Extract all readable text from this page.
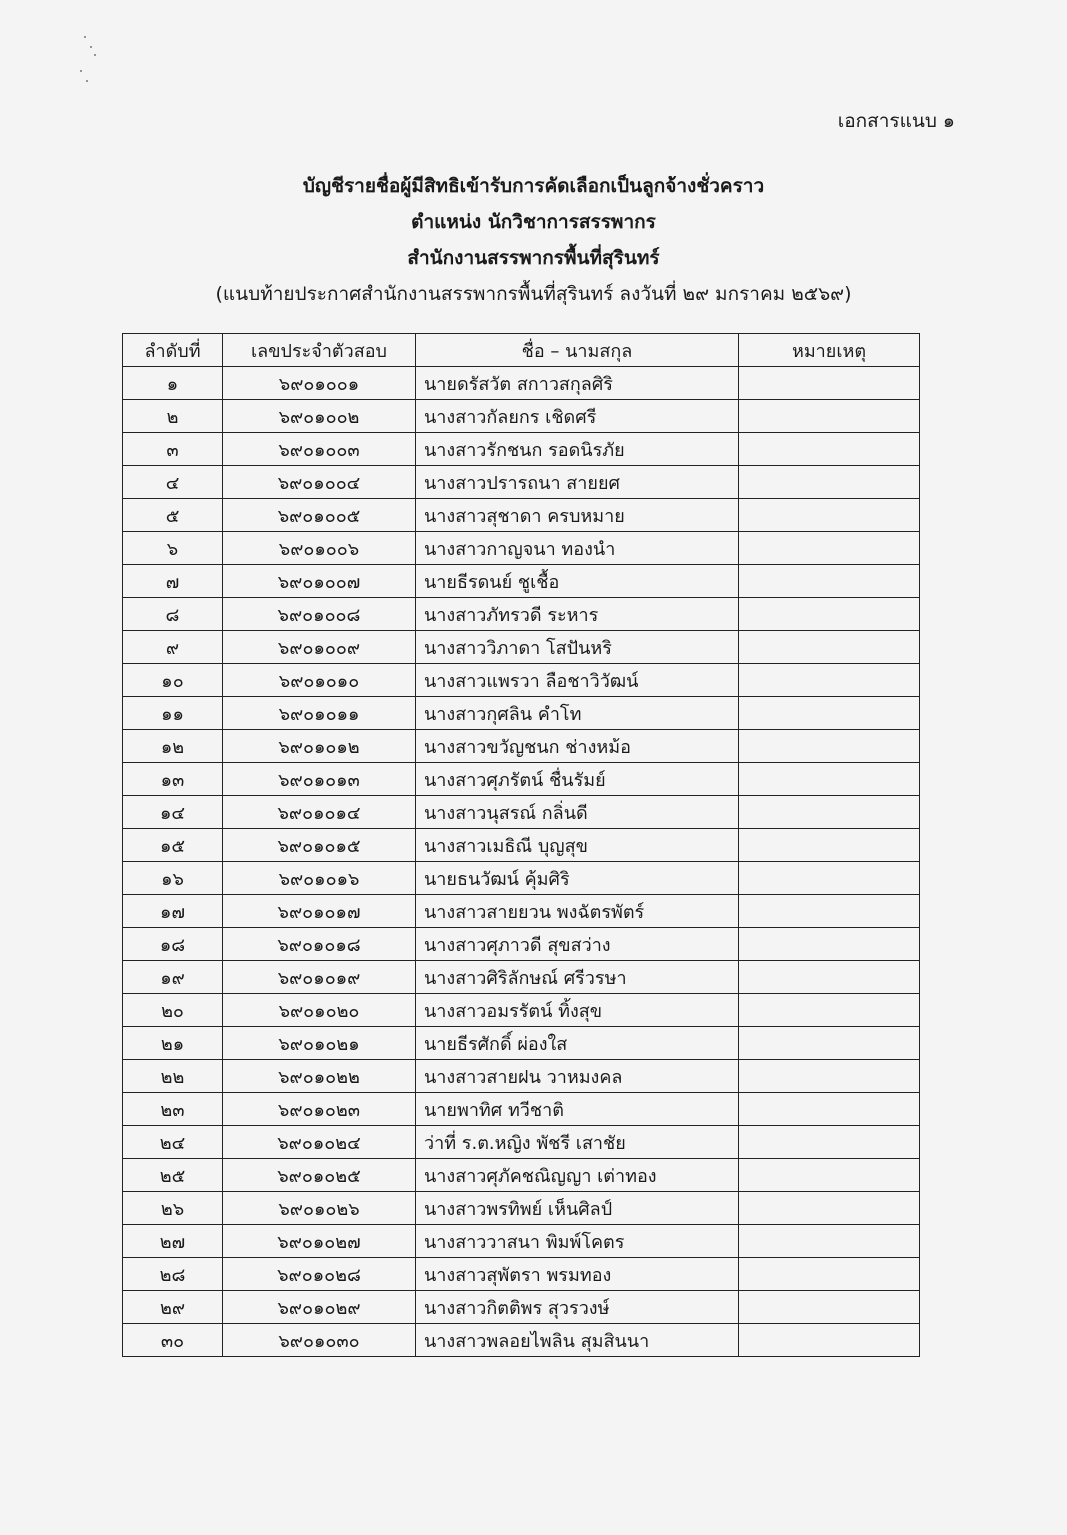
เอกสารแนบ ๑
บัญชีรายชื่อผู้มีสิทธิเข้ารับการคัดเลือกเป็นลูกจ้างชั่วคราว
ตำแหน่ง นักวิชาการสรรพากร
สำนักงานสรรพากรพื้นที่สุรินทร์
(แนบท้ายประกาศสำนักงานสรรพากรพื้นที่สุรินทร์ ลงวันที่ ๒๙ มกราคม ๒๕๖๙)
ลำดับที่	เลขประจำตัวสอบ	ชื่อ – นามสกุล	หมายเหตุ
๑	๖๙๐๑๐๐๑	นายดรัสวัต สกาวสกุลศิริ	
๒	๖๙๐๑๐๐๒	นางสาวกัลยกร เชิดศรี	
๓	๖๙๐๑๐๐๓	นางสาวรักชนก รอดนิรภัย	
๔	๖๙๐๑๐๐๔	นางสาวปรารถนา สายยศ	
๕	๖๙๐๑๐๐๕	นางสาวสุชาดา ครบหมาย	
๖	๖๙๐๑๐๐๖	นางสาวกาญจนา ทองนำ	
๗	๖๙๐๑๐๐๗	นายธีรดนย์ ชูเชื้อ	
๘	๖๙๐๑๐๐๘	นางสาวภัทรวดี ระหาร	
๙	๖๙๐๑๐๐๙	นางสาววิภาดา โสปันหริ	
๑๐	๖๙๐๑๐๑๐	นางสาวแพรวา ลือชาวิวัฒน์	
๑๑	๖๙๐๑๐๑๑	นางสาวกุศลิน คำโท	
๑๒	๖๙๐๑๐๑๒	นางสาวขวัญชนก ช่างหม้อ	
๑๓	๖๙๐๑๐๑๓	นางสาวศุภรัตน์ ชื่นรัมย์	
๑๔	๖๙๐๑๐๑๔	นางสาวนุสรณ์ กลิ่นดี	
๑๕	๖๙๐๑๐๑๕	นางสาวเมธิณี บุญสุข	
๑๖	๖๙๐๑๐๑๖	นายธนวัฒน์ คุ้มศิริ	
๑๗	๖๙๐๑๐๑๗	นางสาวสายยวน พงฉัตรพัตร์	
๑๘	๖๙๐๑๐๑๘	นางสาวศุภาวดี สุขสว่าง	
๑๙	๖๙๐๑๐๑๙	นางสาวศิริลักษณ์ ศรีวรษา	
๒๐	๖๙๐๑๐๒๐	นางสาวอมรรัตน์ ทิ้งสุข	
๒๑	๖๙๐๑๐๒๑	นายธีรศักดิ์ ผ่องใส	
๒๒	๖๙๐๑๐๒๒	นางสาวสายฝน วาหมงคล	
๒๓	๖๙๐๑๐๒๓	นายพาทิศ ทวีชาติ	
๒๔	๖๙๐๑๐๒๔	ว่าที่ ร.ต.หญิง พัชรี เสาชัย	
๒๕	๖๙๐๑๐๒๕	นางสาวศุภัคชณิญญา เต่าทอง	
๒๖	๖๙๐๑๐๒๖	นางสาวพรทิพย์ เห็นศิลป์	
๒๗	๖๙๐๑๐๒๗	นางสาววาสนา พิมพ์โคตร	
๒๘	๖๙๐๑๐๒๘	นางสาวสุพัตรา พรมทอง	
๒๙	๖๙๐๑๐๒๙	นางสาวกิตติพร สุวรวงษ์	
๓๐	๖๙๐๑๐๓๐	นางสาวพลอยไพลิน สุมสินนา	
